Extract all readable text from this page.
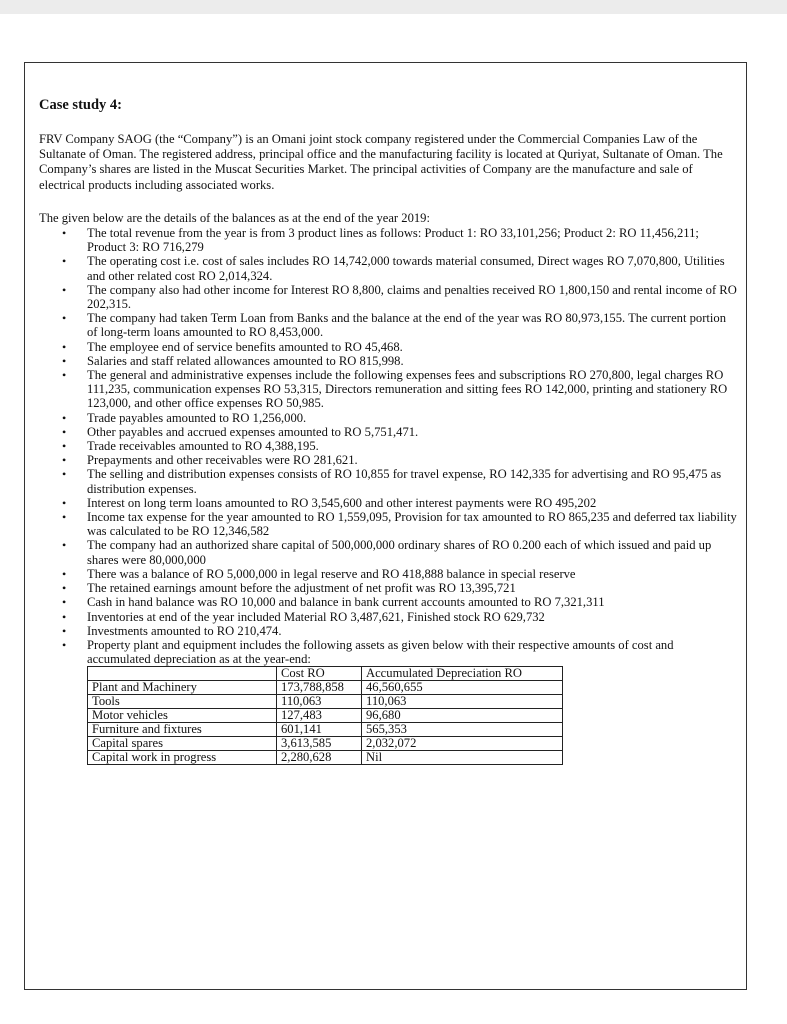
Case study 4:

FRV Company SAOG (the “Company”) is an Omani joint stock company registered under the Commercial Companies Law of the Sultanate of Oman. The registered address, principal office and the manufacturing facility is located at Quriyat, Sultanate of Oman. The Company’s shares are listed in the Muscat Securities Market. The principal activities of Company are the manufacture and sale of electrical products including associated works.

The given below are the details of the balances as at the end of the year 2019:

• The total revenue from the year is from 3 product lines as follows: Product 1: RO 33,101,256; Product 2: RO 11,456,211; Product 3: RO 716,279
• The operating cost i.e. cost of sales includes RO 14,742,000 towards material consumed, Direct wages RO 7,070,800, Utilities and other related cost RO 2,014,324.
• The company also had other income for Interest RO 8,800, claims and penalties received RO 1,800,150 and rental income of RO 202,315.
• The company had taken Term Loan from Banks and the balance at the end of the year was RO 80,973,155. The current portion of long-term loans amounted to RO 8,453,000.
• The employee end of service benefits amounted to RO 45,468.
• Salaries and staff related allowances amounted to RO 815,998.
• The general and administrative expenses include the following expenses fees and subscriptions RO 270,800, legal charges RO 111,235, communication expenses RO 53,315, Directors remuneration and sitting fees RO 142,000, printing and stationery RO 123,000, and other office expenses RO 50,985.
• Trade payables amounted to RO 1,256,000.
• Other payables and accrued expenses amounted to RO 5,751,471.
• Trade receivables amounted to RO 4,388,195.
• Prepayments and other receivables were RO 281,621.
• The selling and distribution expenses consists of RO 10,855 for travel expense, RO 142,335 for advertising and RO 95,475 as distribution expenses.
• Interest on long term loans amounted to RO 3,545,600 and other interest payments were RO 495,202
• Income tax expense for the year amounted to RO 1,559,095, Provision for tax amounted to RO 865,235 and deferred tax liability was calculated to be RO 12,346,582
• The company had an authorized share capital of 500,000,000 ordinary shares of RO 0.200 each of which issued and paid up shares were 80,000,000
• There was a balance of RO 5,000,000 in legal reserve and RO 418,888 balance in special reserve
• The retained earnings amount before the adjustment of net profit was RO 13,395,721
• Cash in hand balance was RO 10,000 and balance in bank current accounts amounted to RO 7,321,311
• Inventories at end of the year included Material RO 3,487,621, Finished stock RO 629,732
• Investments amounted to RO 210,474.
• Property plant and equipment includes the following assets as given below with their respective amounts of cost and accumulated depreciation as at the year-end:
	Cost RO	Accumulated Depreciation RO
Plant and Machinery	173,788,858	46,560,655
Tools	110,063	110,063
Motor vehicles	127,483	96,680
Furniture and fixtures	601,141	565,353
Capital spares	3,613,585	2,032,072
Capital work in progress	2,280,628	Nil
